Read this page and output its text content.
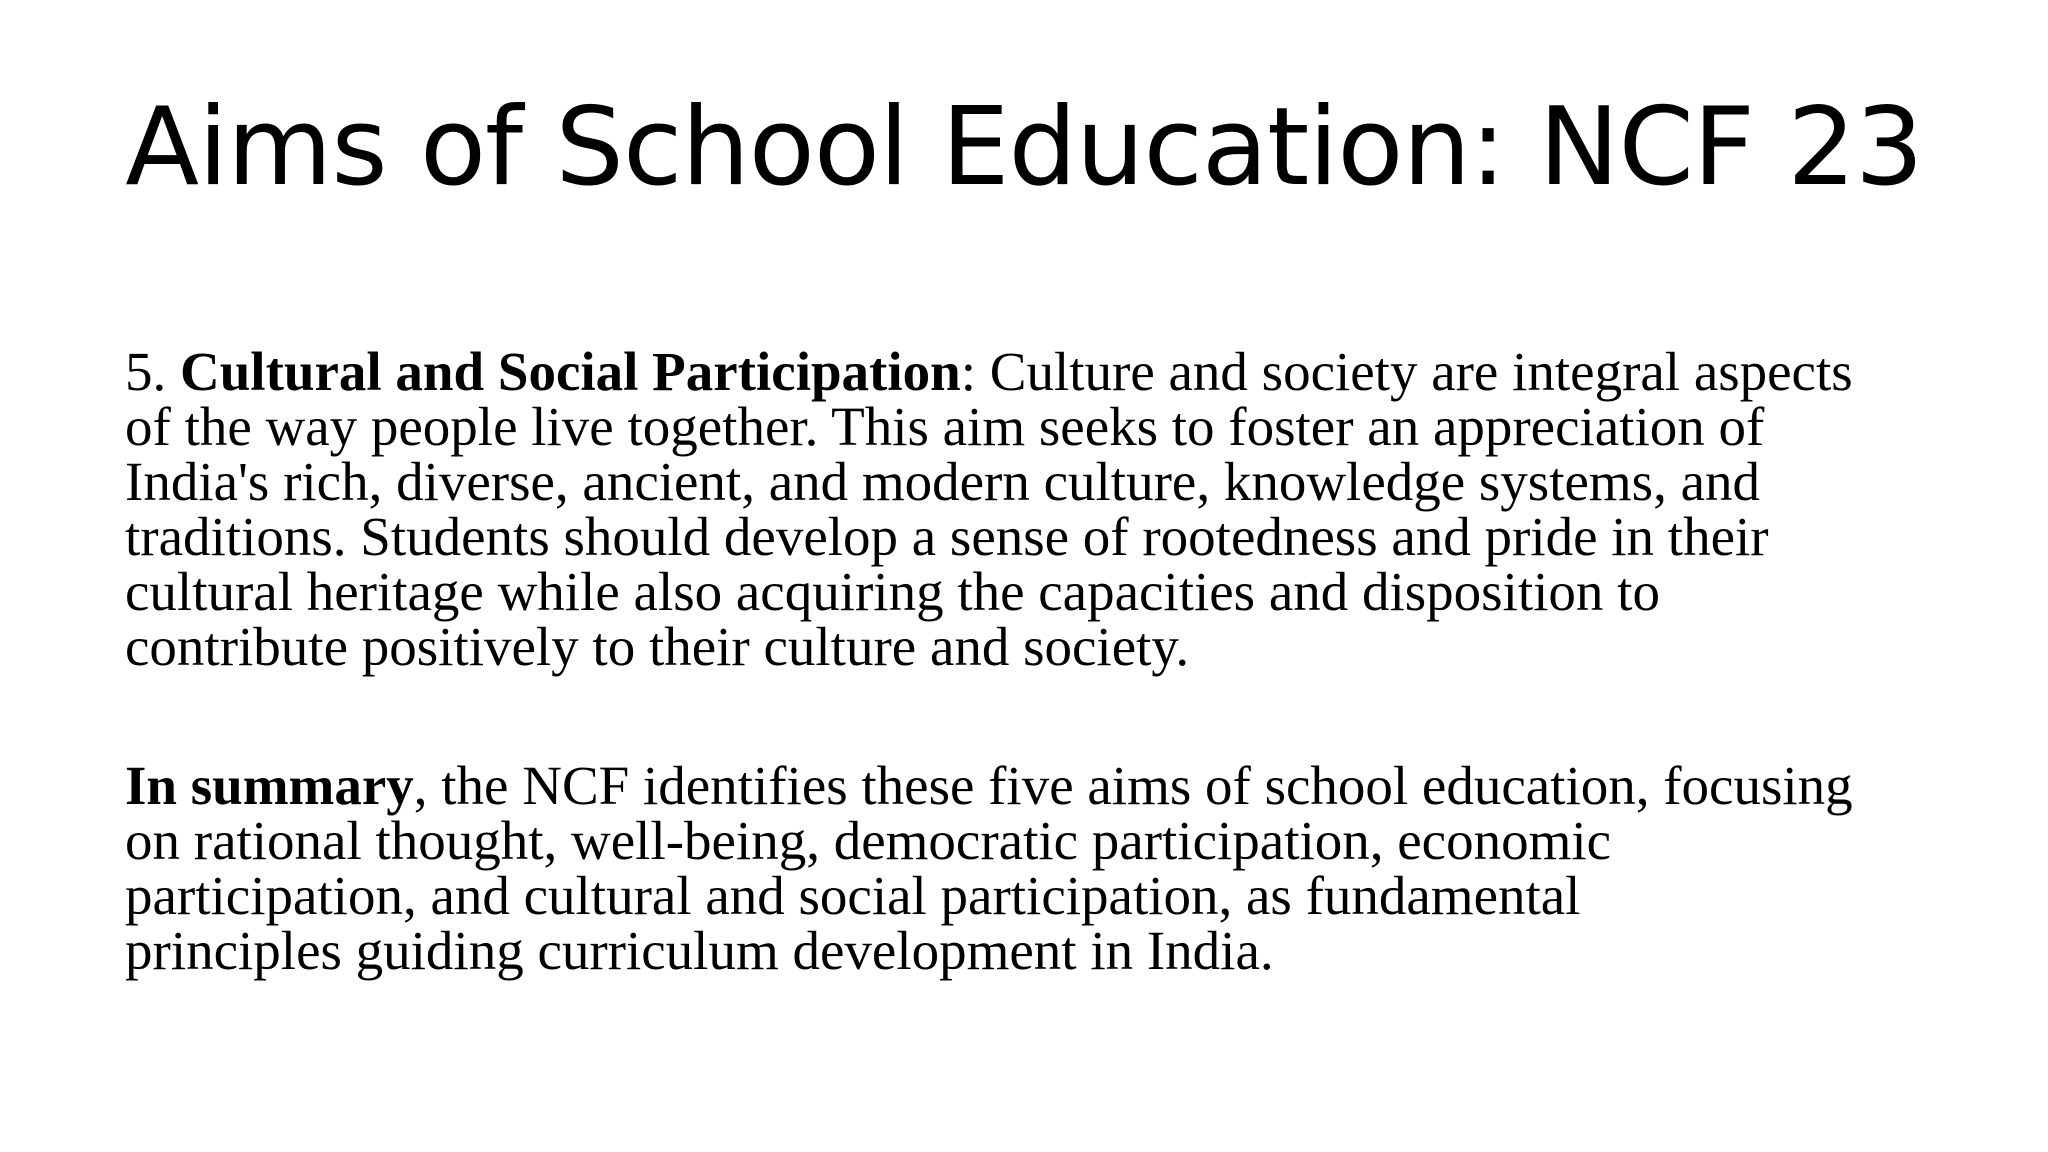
Aims of School Education: NCF 23

5. Cultural and Social Participation: Culture and society are integral aspects
of the way people live together. This aim seeks to foster an appreciation of
India's rich, diverse, ancient, and modern culture, knowledge systems, and
traditions. Students should develop a sense of rootedness and pride in their
cultural heritage while also acquiring the capacities and disposition to
contribute positively to their culture and society.

In summary, the NCF identifies these five aims of school education, focusing
on rational thought, well-being, democratic participation, economic
participation, and cultural and social participation, as fundamental
principles guiding curriculum development in India.
